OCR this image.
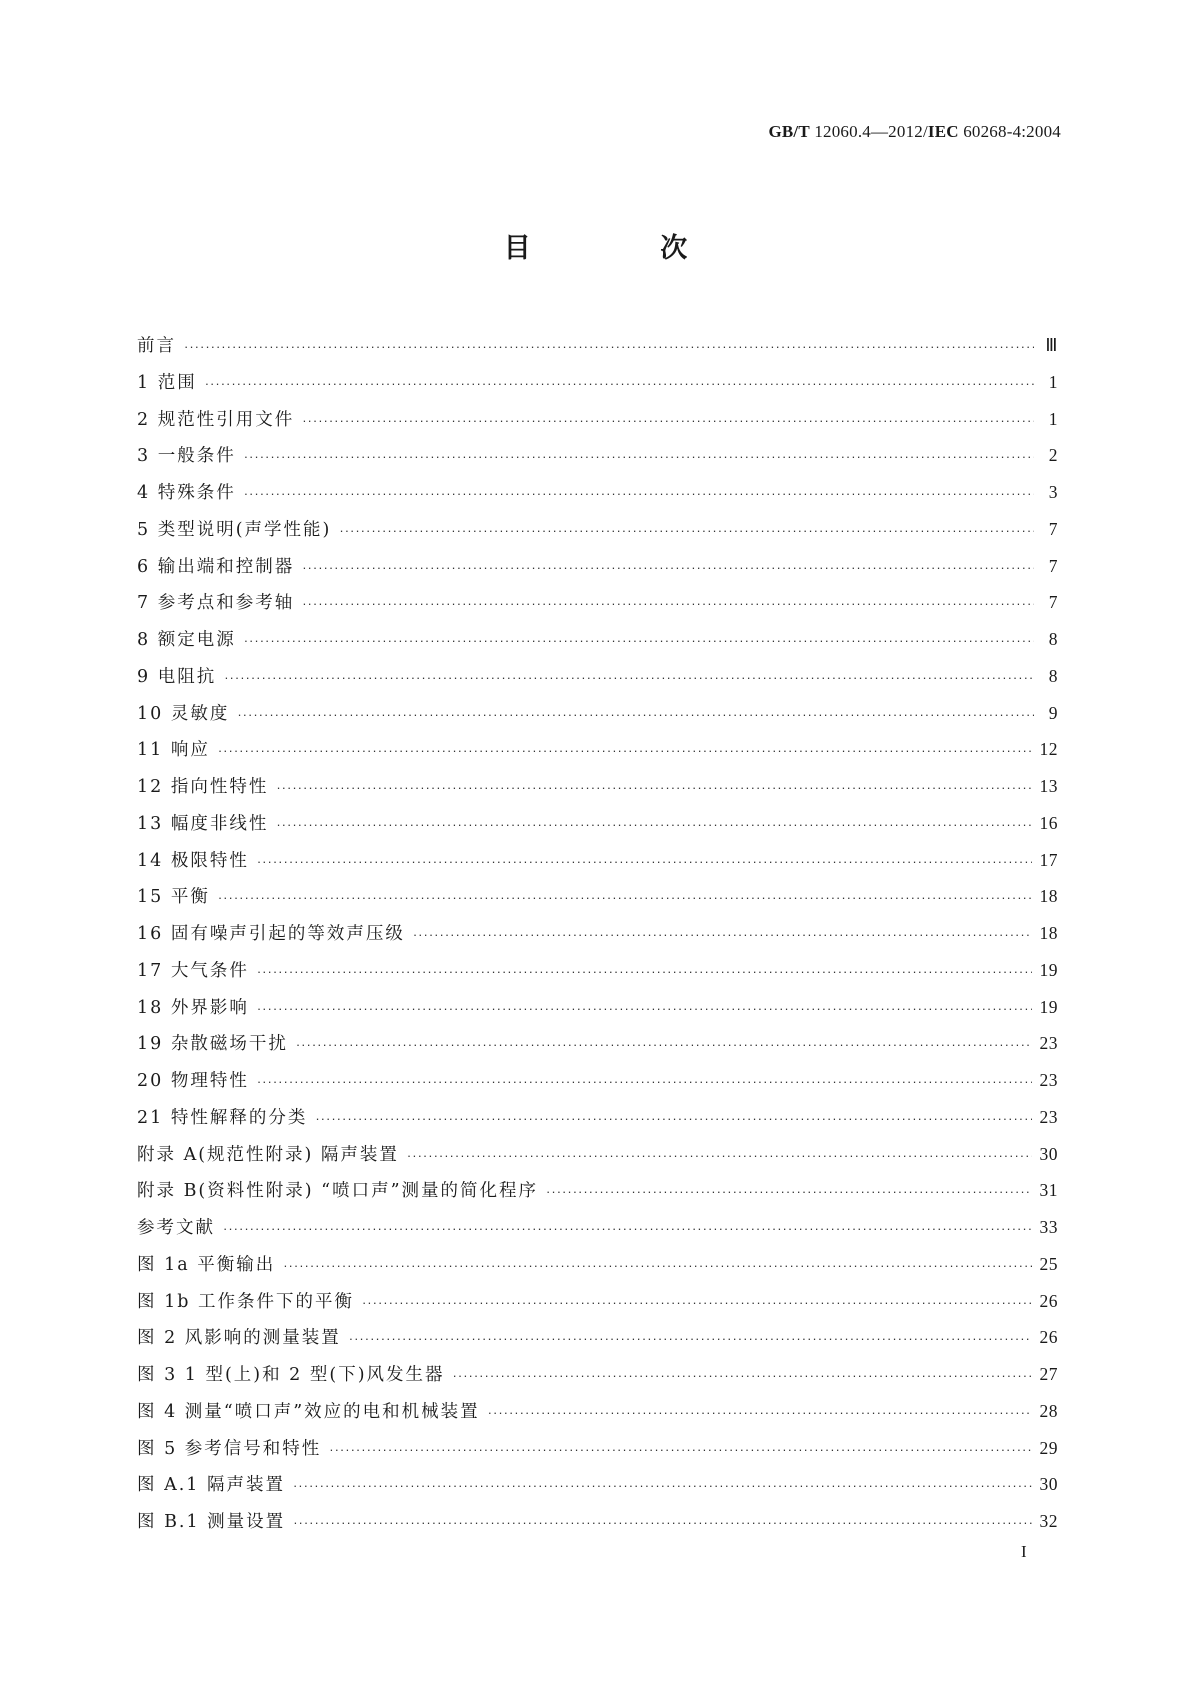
GB/T 12060.4—2012/IEC 60268-4:2004
目 次
前言 ·····	Ⅲ
1 范围 ·····	1
2 规范性引用文件 ·····	1
3 一般条件 ·····	2
4 特殊条件 ·····	3
5 类型说明(声学性能) ·····	7
6 输出端和控制器 ·····	7
7 参考点和参考轴 ·····	7
8 额定电源 ·····	8
9 电阻抗 ·····	8
10 灵敏度 ·····	9
11 响应 ·····	12
12 指向性特性 ·····	13
13 幅度非线性 ·····	16
14 极限特性 ·····	17
15 平衡 ·····	18
16 固有噪声引起的等效声压级 ·····	18
17 大气条件 ·····	19
18 外界影响 ·····	19
19 杂散磁场干扰 ·····	23
20 物理特性 ·····	23
21 特性解释的分类 ·····	23
附录 A(规范性附录) 隔声装置 ·····	30
附录 B(资料性附录) “喷口声”测量的简化程序 ·····	31
参考文献 ·····	33
图 1a 平衡输出 ·····	25
图 1b 工作条件下的平衡 ·····	26
图 2 风影响的测量装置 ·····	26
图 3 1 型(上)和 2 型(下)风发生器 ·····	27
图 4 测量“喷口声”效应的电和机械装置 ·····	28
图 5 参考信号和特性 ·····	29
图 A.1 隔声装置 ·····	30
图 B.1 测量设置 ·····	32
I
